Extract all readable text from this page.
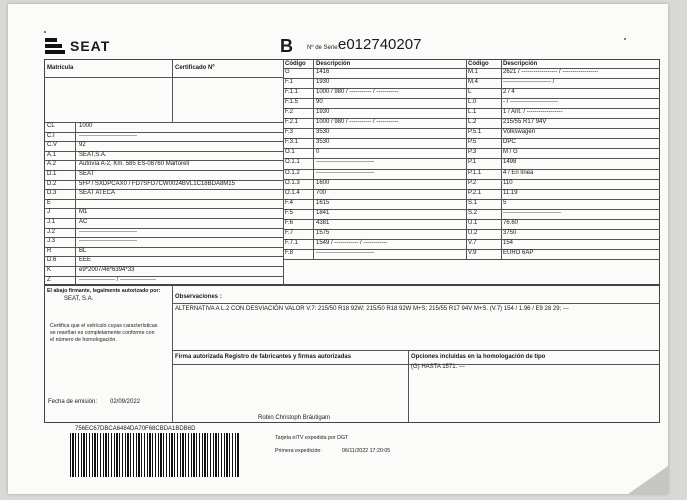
SEAT	B Nº de Serie:
e012740207
Matrícula	Certificado Nº
Código Descripción	Código Descripción
CL	1000
C.I	-----------------------------
C.V	92
A.1	SEAT,S.A.
A.2	Autovía A-2, Km. 585 ES-08760 Martorell
D.1	SEAT
D.2	5FP / SXDPCAX0 / FD7SFD7CW0024BVL1C18BDA8M15
D.3	SEAT ATECA
E
J	M1
J.1	AC
J.2	-----------------------------
J.3	-----------------------------
R	BL
D.6	EEE
K	e9*2007/46*6394*33
Z	------------------ / ------------------
G	1416
F.1	1930
F.1.1	1000 / 980 / ----------- / -----------
F.1.5	90
F.2	1930
F.2.1	1000 / 980 / ----------- / -----------
F.3	3530
F.3.1	3530
O.1	0
O.1.1	-----------------------------
O.1.2	-----------------------------
O.1.3	1600
O.1.4	700
F.4	1615
F.5	1841
F.6	4381
F.7	1575
F.7.1	1549 / ------------ / ------------
F.8	-----------------------------
M.1	2621 / ------------------ / ------------------
M.4	------------------------ /
L	2 / 4
L.0	- / ------------------------
L.1	1 / Ant. / ------------------
L.2	215/55 R17 94V
P.5.1	Volkswagen
P.5	DPC
P.3	M / G
P.1	1498
P.1.1	4 / En línea
P.2	110
P.2.1	11.19
S.1	5
S.2	-----------------------------
U.1	76.60
U.2	3750
V.7	154
V.9	EURO 6AP
El abajo firmante, legalmente autorizado por:
SEAT, S.A.
Certifica que el vehículo cuyas características se reseñan es completamente conforme con el número de homologación.
Fecha de emisión: 02/09/2022
Observaciones :
ALTERNATIVA A L.2 CON DESVIACIÓN VALOR V.7: 215/50 R18 92W; 215/50 R18 92W M+S; 215/55 R17 94V M+S. (V.7) 154 / 1.96 / E9 28 29; ---
Firma autorizada Registro de fabricantes y firmas autorizadas	Opciones incluidas en la homologación de tipo
(G) HASTA 1571. ---
Robin Christoph Bräutigam
756EC67DBCA6484DA70F68CBDA1BDB6D
Tarjeta eITV expedida por DGT
Primera expedición:	06/11/2022 17:20:05
